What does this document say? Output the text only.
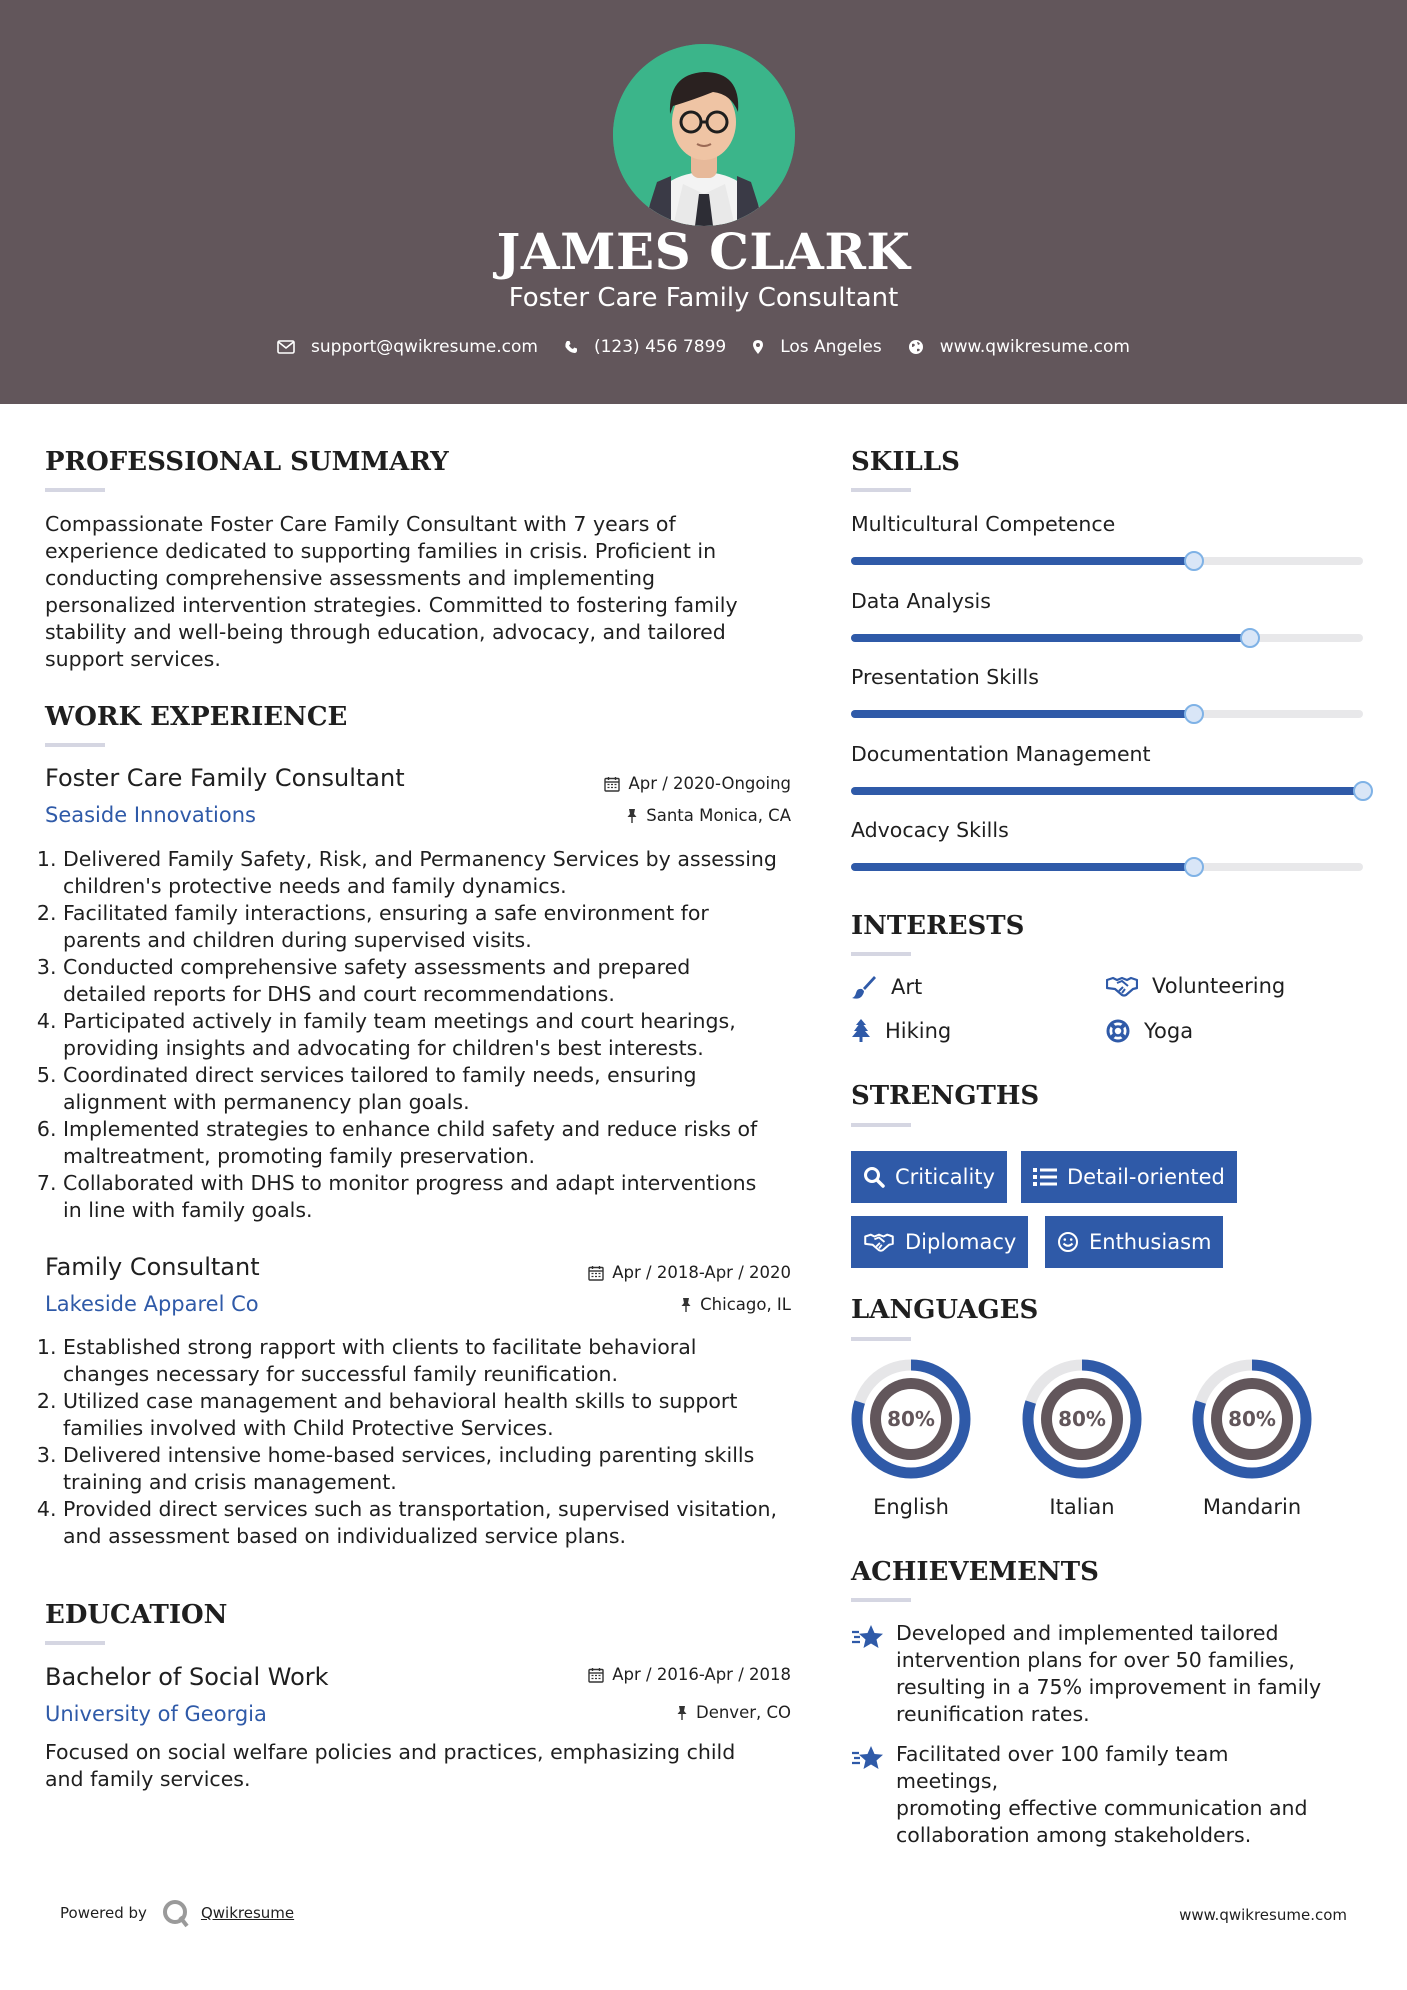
JAMES CLARK
Foster Care Family Consultant
support@qwikresume.com	(123) 456 7899	Los Angeles	www.qwikresume.com
PROFESSIONAL SUMMARY
Compassionate Foster Care Family Consultant with 7 years of
experience dedicated to supporting families in crisis. Proficient in
conducting comprehensive assessments and implementing
personalized intervention strategies. Committed to fostering family
stability and well-being through education, advocacy, and tailored
support services.
WORK EXPERIENCE
Foster Care Family Consultant
Seaside Innovations
Apr / 2020-Ongoing
Santa Monica, CA
1. Delivered Family Safety, Risk, and Permanency Services by assessing
children's protective needs and family dynamics.
2. Facilitated family interactions, ensuring a safe environment for
parents and children during supervised visits.
3. Conducted comprehensive safety assessments and prepared
detailed reports for DHS and court recommendations.
4. Participated actively in family team meetings and court hearings,
providing insights and advocating for children's best interests.
5. Coordinated direct services tailored to family needs, ensuring
alignment with permanency plan goals.
6. Implemented strategies to enhance child safety and reduce risks of
maltreatment, promoting family preservation.
7. Collaborated with DHS to monitor progress and adapt interventions
in line with family goals.
Family Consultant
Lakeside Apparel Co
Apr / 2018-Apr / 2020
Chicago, IL
1. Established strong rapport with clients to facilitate behavioral
changes necessary for successful family reunification.
2. Utilized case management and behavioral health skills to support
families involved with Child Protective Services.
3. Delivered intensive home-based services, including parenting skills
training and crisis management.
4. Provided direct services such as transportation, supervised visitation,
and assessment based on individualized service plans.
EDUCATION
Bachelor of Social Work
University of Georgia
Apr / 2016-Apr / 2018
Denver, CO
Focused on social welfare policies and practices, emphasizing child
and family services.
SKILLS
Multicultural Competence
Data Analysis
Presentation Skills
Documentation Management
Advocacy Skills
INTERESTS
Art	Volunteering
Hiking	Yoga
STRENGTHS
Criticality	Detail-oriented
Diplomacy	Enthusiasm
LANGUAGES
80%
English
80%
Italian
80%
Mandarin
ACHIEVEMENTS
Developed and implemented tailored
intervention plans for over 50 families,
resulting in a 75% improvement in family
reunification rates.
Facilitated over 100 family team meetings,
promoting effective communication and
collaboration among stakeholders.
Powered by	Qwikresume	www.qwikresume.com
